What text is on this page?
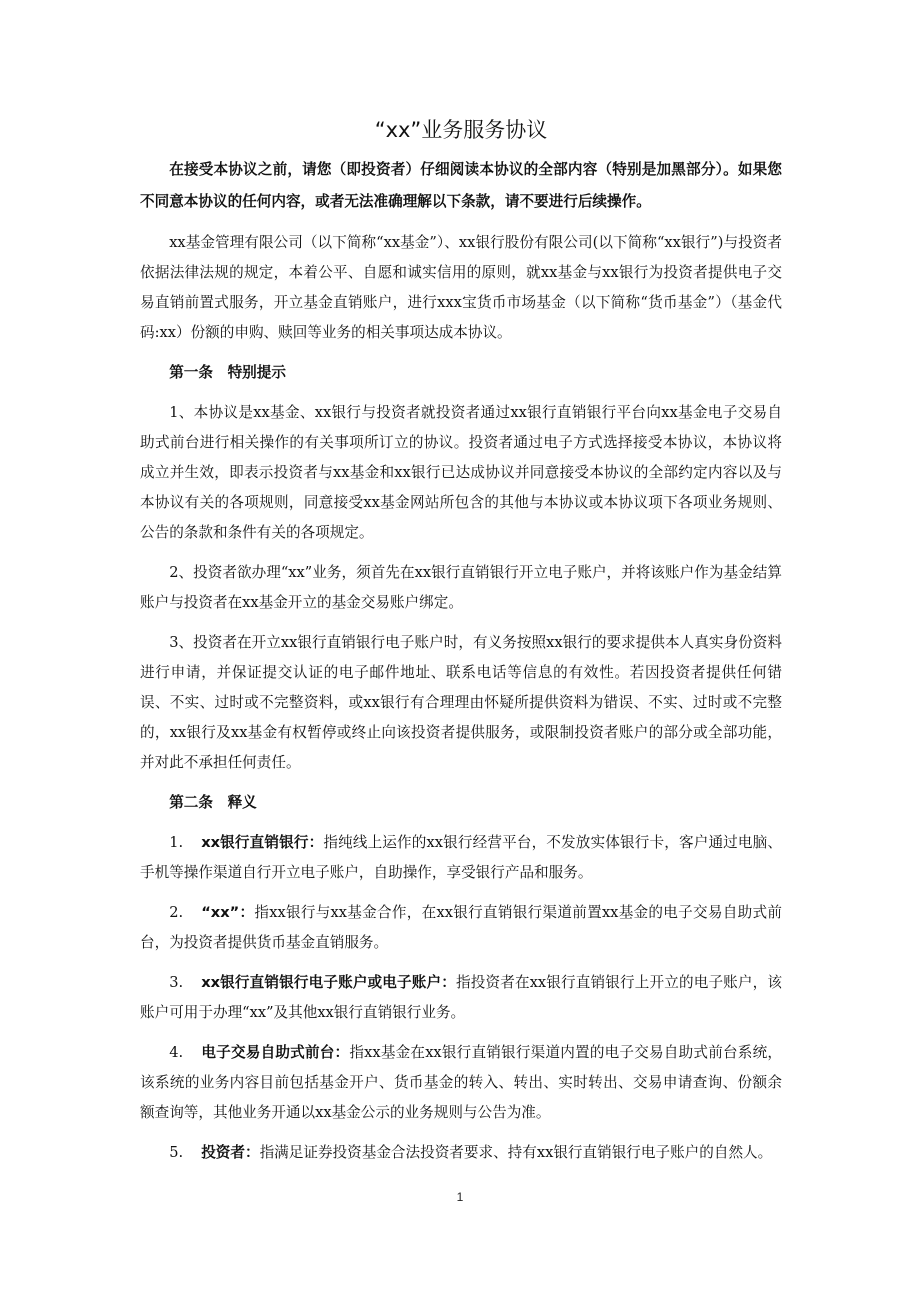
“xx”业务服务协议

在接受本协议之前，请您（即投资者）仔细阅读本协议的全部内容（特别是加黑部分）。如果您不同意本协议的任何内容，或者无法准确理解以下条款，请不要进行后续操作。

xx基金管理有限公司（以下简称“xx基金”）、xx银行股份有限公司(以下简称“xx银行”)与投资者依据法律法规的规定，本着公平、自愿和诚实信用的原则，就xx基金与xx银行为投资者提供电子交易直销前置式服务，开立基金直销账户，进行xxx宝货币市场基金（以下简称“货币基金”）（基金代码:xx）份额的申购、赎回等业务的相关事项达成本协议。

第一条　特别提示

1、本协议是xx基金、xx银行与投资者就投资者通过xx银行直销银行平台向xx基金电子交易自助式前台进行相关操作的有关事项所订立的协议。投资者通过电子方式选择接受本协议，本协议将成立并生效，即表示投资者与xx基金和xx银行已达成协议并同意接受本协议的全部约定内容以及与本协议有关的各项规则，同意接受xx基金网站所包含的其他与本协议或本协议项下各项业务规则、公告的条款和条件有关的各项规定。

2、投资者欲办理“xx”业务，须首先在xx银行直销银行开立电子账户，并将该账户作为基金结算账户与投资者在xx基金开立的基金交易账户绑定。

3、投资者在开立xx银行直销银行电子账户时，有义务按照xx银行的要求提供本人真实身份资料进行申请，并保证提交认证的电子邮件地址、联系电话等信息的有效性。若因投资者提供任何错误、不实、过时或不完整资料，或xx银行有合理理由怀疑所提供资料为错误、不实、过时或不完整的，xx银行及xx基金有权暂停或终止向该投资者提供服务，或限制投资者账户的部分或全部功能，并对此不承担任何责任。

第二条　释义

1. xx银行直销银行：指纯线上运作的xx银行经营平台，不发放实体银行卡，客户通过电脑、手机等操作渠道自行开立电子账户，自助操作，享受银行产品和服务。

2. “xx”：指xx银行与xx基金合作，在xx银行直销银行渠道前置xx基金的电子交易自助式前台，为投资者提供货币基金直销服务。

3. xx银行直销银行电子账户或电子账户：指投资者在xx银行直销银行上开立的电子账户，该账户可用于办理“xx”及其他xx银行直销银行业务。

4. 电子交易自助式前台：指xx基金在xx银行直销银行渠道内置的电子交易自助式前台系统，该系统的业务内容目前包括基金开户、货币基金的转入、转出、实时转出、交易申请查询、份额余额查询等，其他业务开通以xx基金公示的业务规则与公告为准。

5. 投资者：指满足证券投资基金合法投资者要求、持有xx银行直销银行电子账户的自然人。

1
